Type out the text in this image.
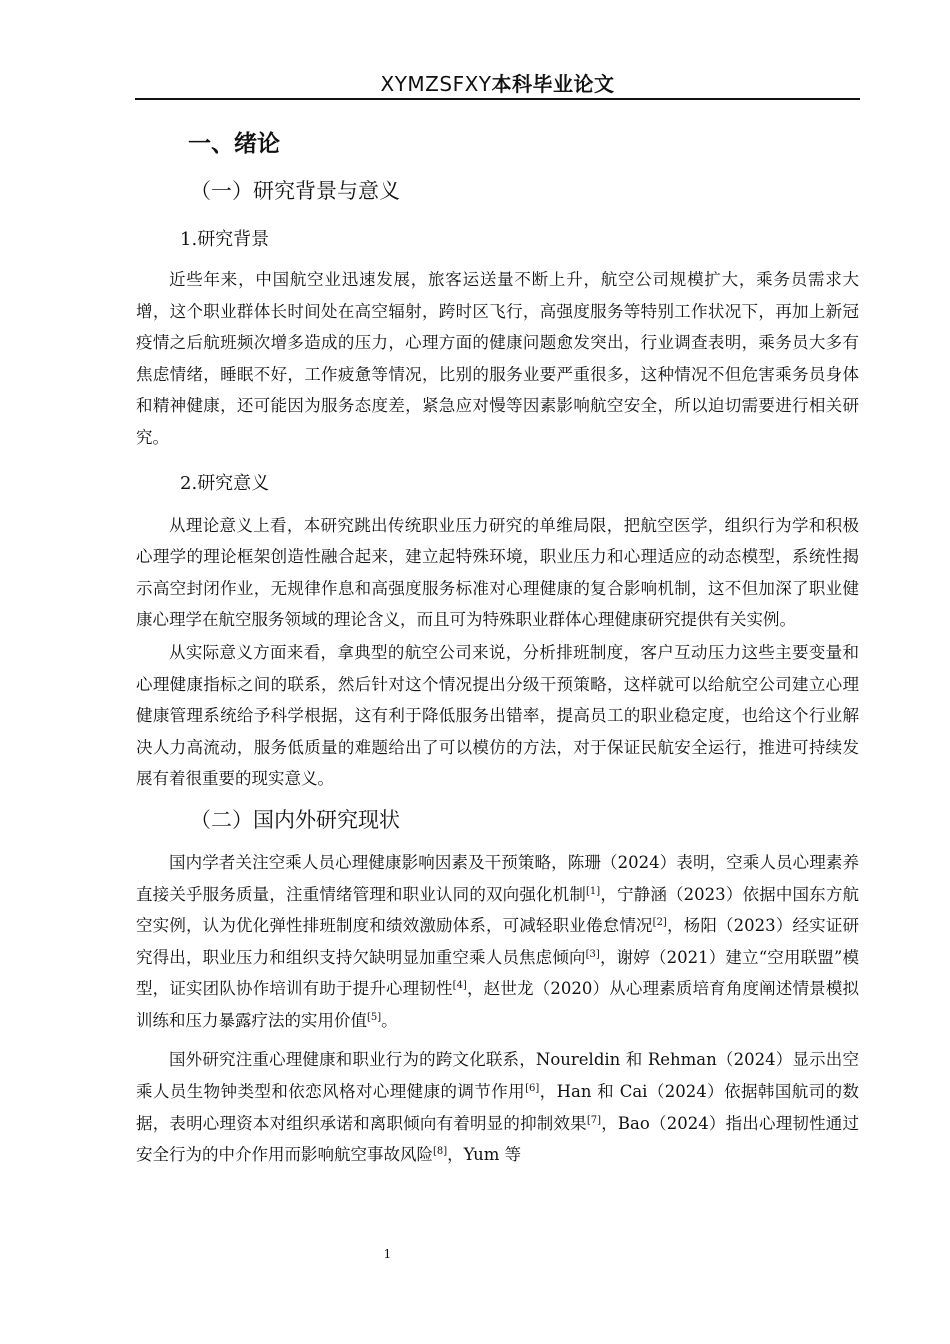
XYMZSFXY本科毕业论文
一、绪论
（一）研究背景与意义
1.研究背景

近些年来，中国航空业迅速发展，旅客运送量不断上升，航空公司规模扩大，乘务员需求大增，这个职业群体长时间处在高空辐射，跨时区飞行，高强度服务等特别工作状况下，再加上新冠疫情之后航班频次增多造成的压力，心理方面的健康问题愈发突出，行业调查表明，乘务员大多有焦虑情绪，睡眠不好，工作疲惫等情况，比别的服务业要严重很多，这种情况不但危害乘务员身体和精神健康，还可能因为服务态度差，紧急应对慢等因素影响航空安全，所以迫切需要进行相关研究。

2.研究意义

从理论意义上看，本研究跳出传统职业压力研究的单维局限，把航空医学，组织行为学和积极心理学的理论框架创造性融合起来，建立起特殊环境，职业压力和心理适应的动态模型，系统性揭示高空封闭作业，无规律作息和高强度服务标准对心理健康的复合影响机制，这不但加深了职业健康心理学在航空服务领域的理论含义，而且可为特殊职业群体心理健康研究提供有关实例。

从实际意义方面来看，拿典型的航空公司来说，分析排班制度，客户互动压力这些主要变量和心理健康指标之间的联系，然后针对这个情况提出分级干预策略，这样就可以给航空公司建立心理健康管理系统给予科学根据，这有利于降低服务出错率，提高员工的职业稳定度，也给这个行业解决人力高流动，服务低质量的难题给出了可以模仿的方法，对于保证民航安全运行，推进可持续发展有着很重要的现实意义。

（二）国内外研究现状

国内学者关注空乘人员心理健康影响因素及干预策略，陈珊（2024）表明，空乘人员心理素养直接关乎服务质量，注重情绪管理和职业认同的双向强化机制[1]，宁静涵（2023）依据中国东方航空实例，认为优化弹性排班制度和绩效激励体系，可减轻职业倦怠情况[2]，杨阳（2023）经实证研究得出，职业压力和组织支持欠缺明显加重空乘人员焦虑倾向[3]，谢婷（2021）建立“空用联盟”模型，证实团队协作培训有助于提升心理韧性[4]，赵世龙（2020）从心理素质培育角度阐述情景模拟训练和压力暴露疗法的实用价值[5]。

国外研究注重心理健康和职业行为的跨文化联系，Noureldin 和 Rehman（2024）显示出空乘人员生物钟类型和依恋风格对心理健康的调节作用[6]，Han 和 Cai（2024）依据韩国航司的数据，表明心理资本对组织承诺和离职倾向有着明显的抑制效果[7]，Bao（2024）指出心理韧性通过安全行为的中介作用而影响航空事故风险[8]，Yum 等

1
